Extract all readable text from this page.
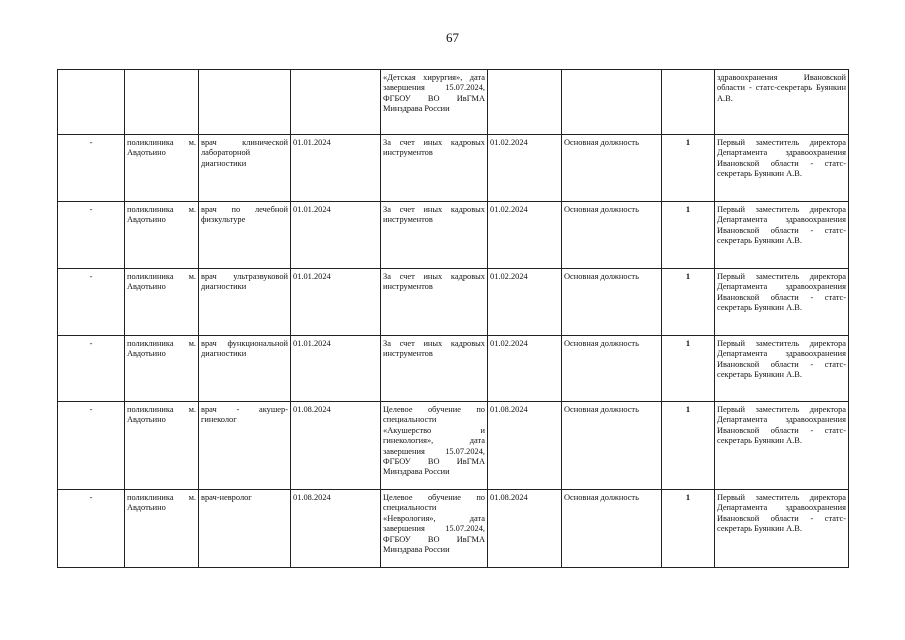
67
				«Детская хирургия», дата завершения 15.07.2024, ФГБОУ ВО ИвГМА Минздрава России				здравоохранения Ивановской области - статс-секретарь Буянкин А.В.
-	поликлиника м. Авдотьино	врач клинической лабораторной диагностики	01.01.2024	За счет иных кадровых инструментов	01.02.2024	Основная должность	1	Первый заместитель директора Департамента здравоохранения Ивановской области - статс-секретарь Буянкин А.В.
-	поликлиника м. Авдотьино	врач по лечебной физкультуре	01.01.2024	За счет иных кадровых инструментов	01.02.2024	Основная должность	1	Первый заместитель директора Департамента здравоохранения Ивановской области - статс-секретарь Буянкин А.В.
-	поликлиника м. Авдотьино	врач ультразвуковой диагностики	01.01.2024	За счет иных кадровых инструментов	01.02.2024	Основная должность	1	Первый заместитель директора Департамента здравоохранения Ивановской области - статс-секретарь Буянкин А.В.
-	поликлиника м. Авдотьино	врач функциональной диагностики	01.01.2024	За счет иных кадровых инструментов	01.02.2024	Основная должность	1	Первый заместитель директора Департамента здравоохранения Ивановской области - статс-секретарь Буянкин А.В.
-	поликлиника м. Авдотьино	врач - акушер-гинеколог	01.08.2024	Целевое обучение по специальности «Акушерство и гинекология», дата завершения 15.07.2024, ФГБОУ ВО ИвГМА Минздрава России	01.08.2024	Основная должность	1	Первый заместитель директора Департамента здравоохранения Ивановской области - статс-секретарь Буянкин А.В.
-	поликлиника м. Авдотьино	врач-невролог	01.08.2024	Целевое обучение по специальности «Неврология», дата завершения 15.07.2024, ФГБОУ ВО ИвГМА Минздрава России	01.08.2024	Основная должность	1	Первый заместитель директора Департамента здравоохранения Ивановской области - статс-секретарь Буянкин А.В.
